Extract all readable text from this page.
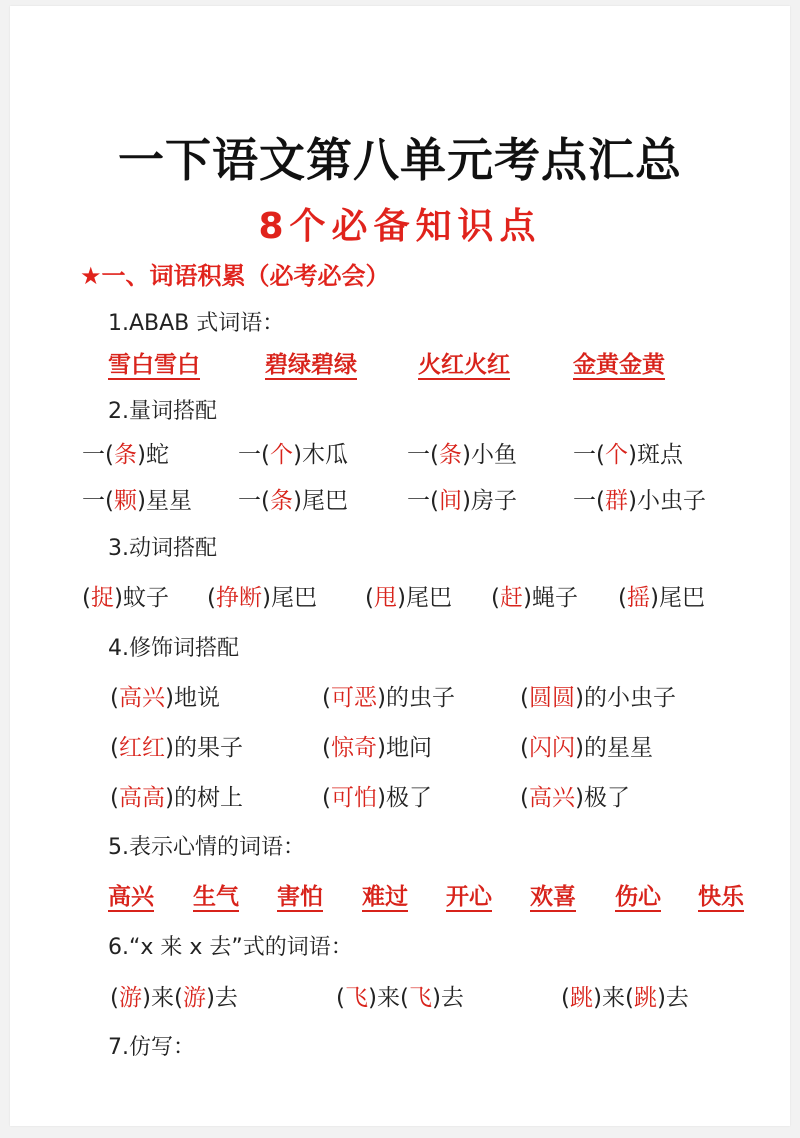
一下语文第八单元考点汇总
8个必备知识点
★一、词语积累（必考必会）
1.ABAB 式词语：
雪白雪白	碧绿碧绿	火红火红	金黄金黄
2.量词搭配
一(条)蛇	一(个)木瓜	一(条)小鱼 一(个)斑点
一(颗)星星 一(条)尾巴	一(间)房子 一(群)小虫子
3.动词搭配
(捉)蚊子 (挣断)尾巴 (甩)尾巴 (赶)蝇子 (摇)尾巴
4.修饰词搭配
(高兴)地说	(可恶)的虫子	(圆圆)的小虫子
(红红)的果子	(惊奇)地问	(闪闪)的星星
(高高)的树上	(可怕)极了	(高兴)极了
5.表示心情的词语：
高兴 生气 害怕 难过 开心 欢喜 伤心 快乐
6.“x 来 x 去”式的词语：
(游)来(游)去	(飞)来(飞)去	(跳)来(跳)去
7.仿写：
